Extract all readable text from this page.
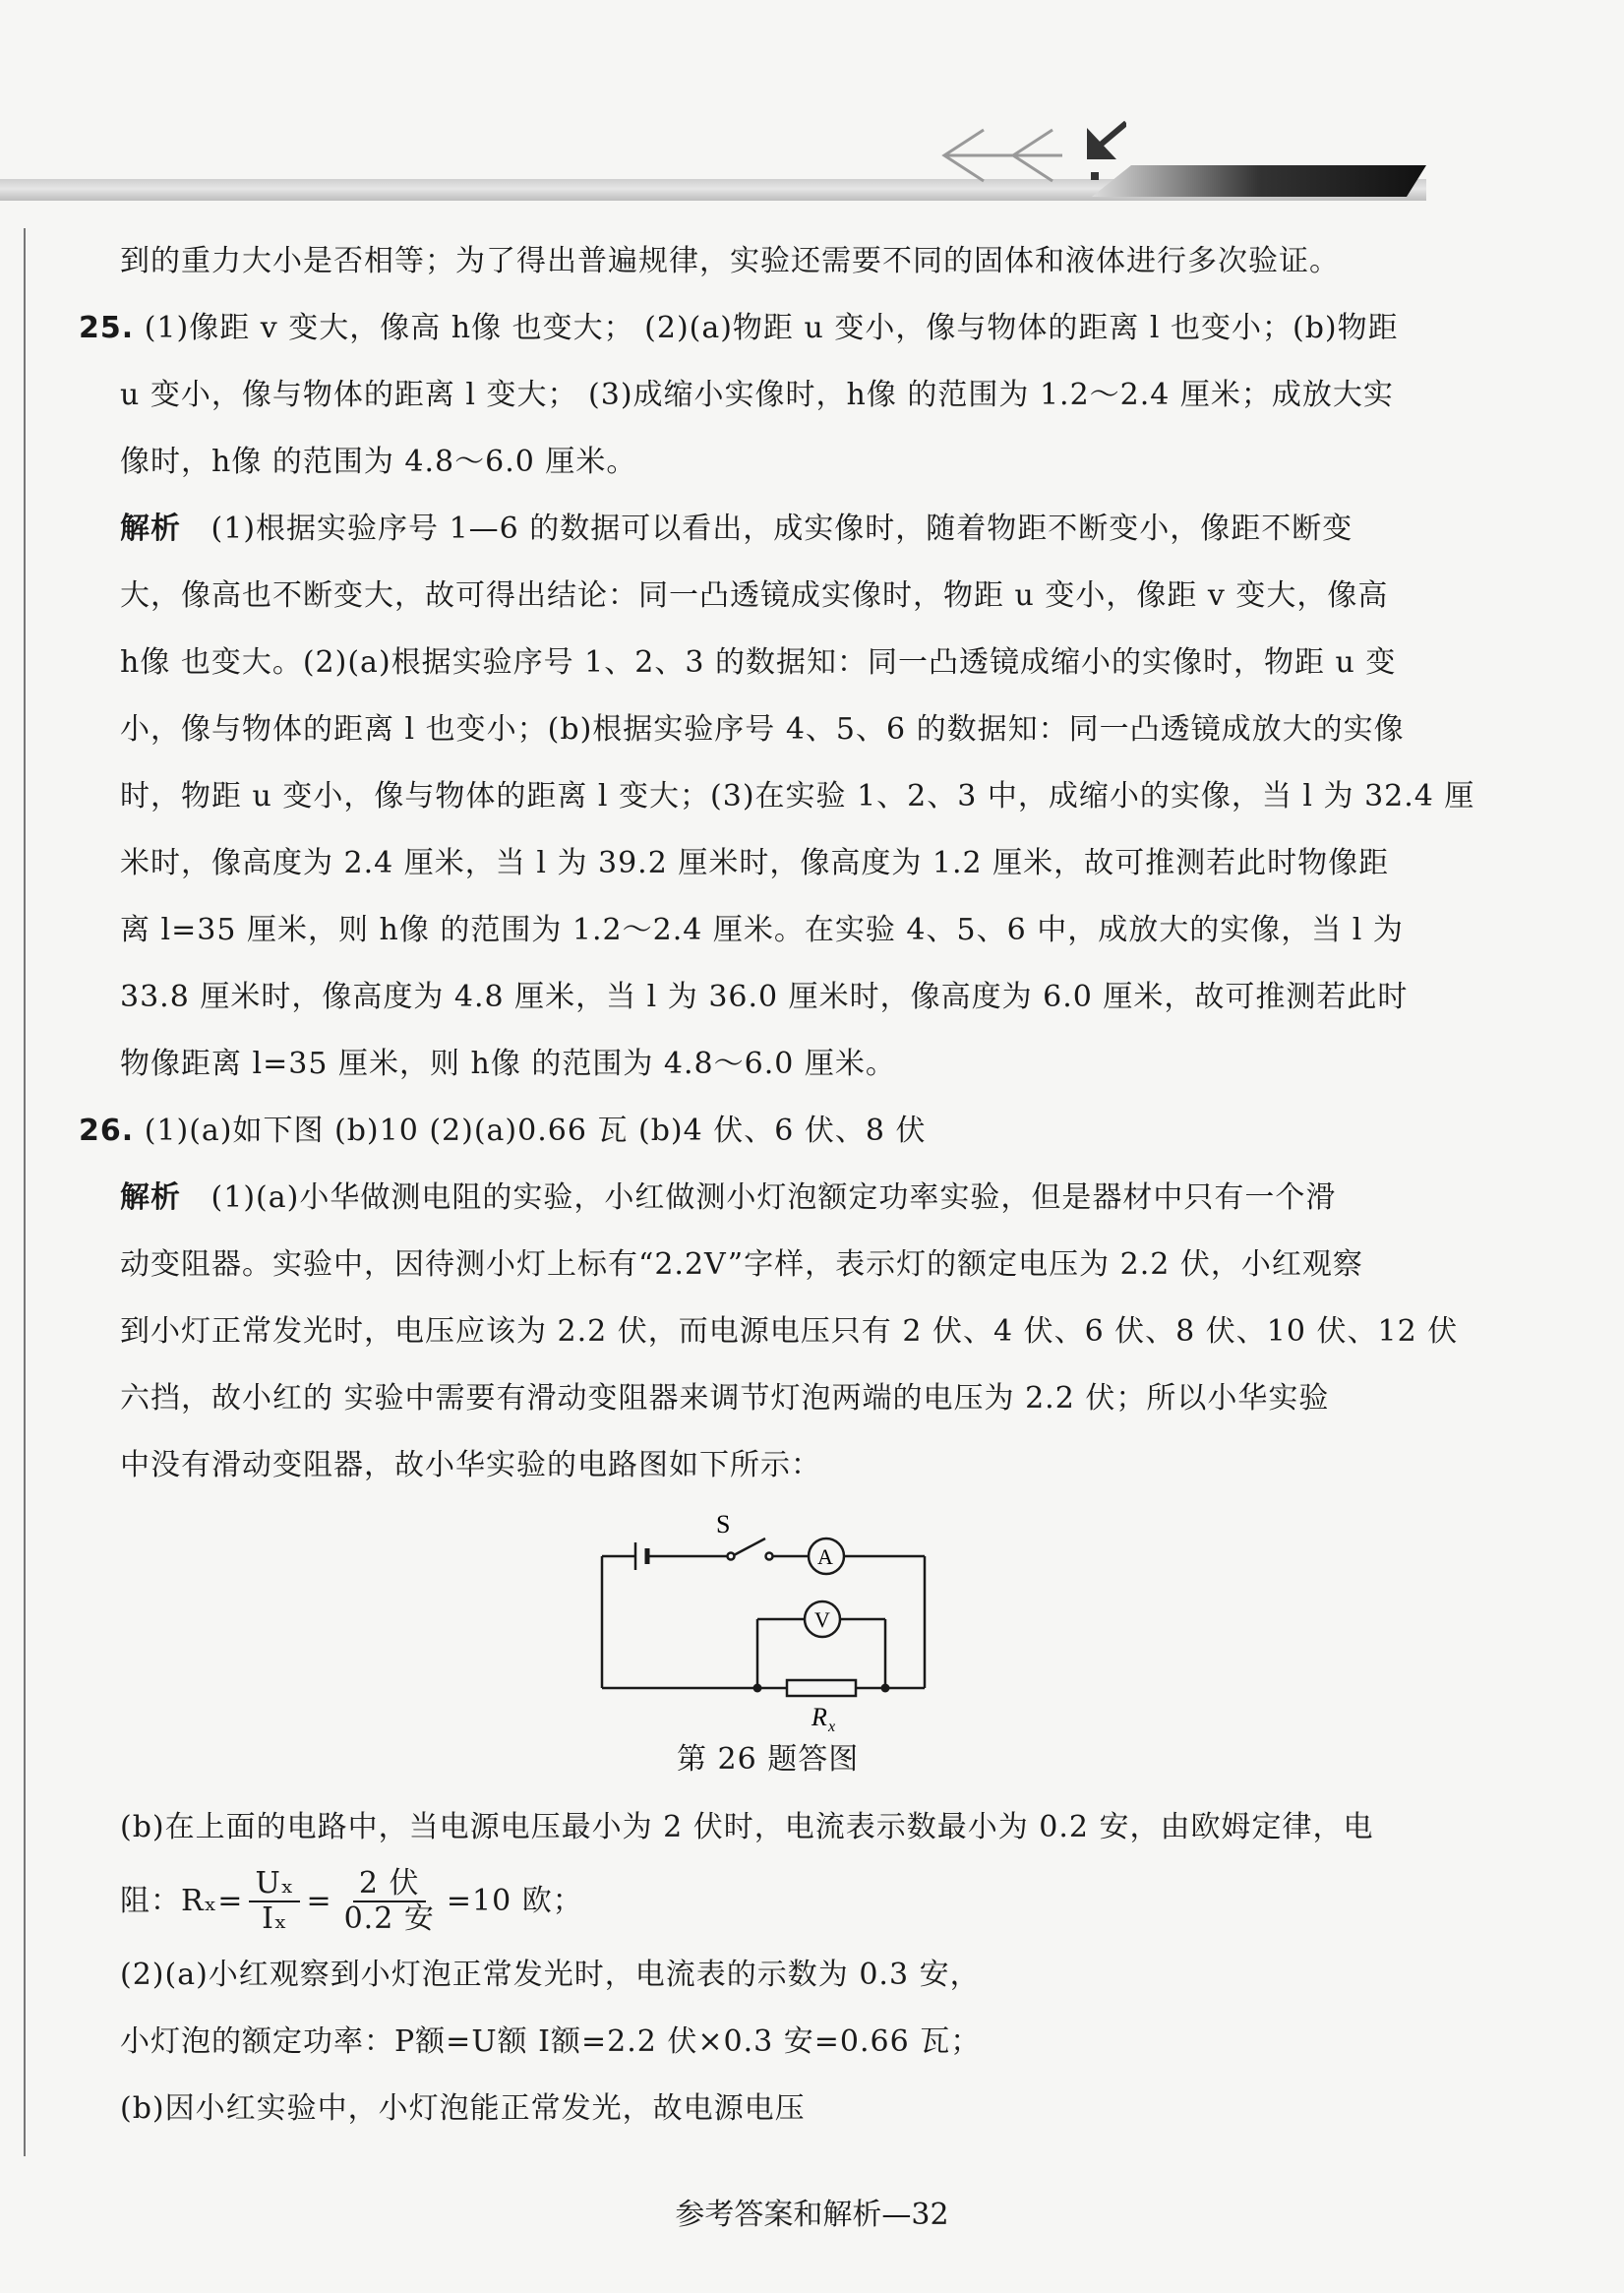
到的重力大小是否相等；为了得出普遍规律，实验还需要不同的固体和液体进行多次验证。
25. (1)像距 v 变大，像高 h像 也变大； (2)(a)物距 u 变小，像与物体的距离 l 也变小；(b)物距
u 变小，像与物体的距离 l 变大； (3)成缩小实像时，h像 的范围为 1.2～2.4 厘米；成放大实
像时，h像 的范围为 4.8～6.0 厘米。
解析 (1)根据实验序号 1—6 的数据可以看出，成实像时，随着物距不断变小，像距不断变
大，像高也不断变大，故可得出结论：同一凸透镜成实像时，物距 u 变小，像距 v 变大，像高
h像 也变大。(2)(a)根据实验序号 1、2、3 的数据知：同一凸透镜成缩小的实像时，物距 u 变
小，像与物体的距离 l 也变小；(b)根据实验序号 4、5、6 的数据知：同一凸透镜成放大的实像
时，物距 u 变小，像与物体的距离 l 变大；(3)在实验 1、2、3 中，成缩小的实像，当 l 为 32.4 厘
米时，像高度为 2.4 厘米，当 l 为 39.2 厘米时，像高度为 1.2 厘米，故可推测若此时物像距
离 l=35 厘米，则 h像 的范围为 1.2～2.4 厘米。在实验 4、5、6 中，成放大的实像，当 l 为
33.8 厘米时，像高度为 4.8 厘米，当 l 为 36.0 厘米时，像高度为 6.0 厘米，故可推测若此时
物像距离 l=35 厘米，则 h像 的范围为 4.8～6.0 厘米。
26. (1)(a)如下图 (b)10 (2)(a)0.66 瓦 (b)4 伏、6 伏、8 伏
解析 (1)(a)小华做测电阻的实验，小红做测小灯泡额定功率实验，但是器材中只有一个滑
动变阻器。实验中，因待测小灯上标有“2.2V”字样，表示灯的额定电压为 2.2 伏，小红观察
到小灯正常发光时，电压应该为 2.2 伏，而电源电压只有 2 伏、4 伏、6 伏、8 伏、10 伏、12 伏
六挡，故小红的 实验中需要有滑动变阻器来调节灯泡两端的电压为 2.2 伏；所以小华实验
中没有滑动变阻器，故小华实验的电路图如下所示：
S
A
V
R x
第 26 题答图
(b)在上面的电路中，当电源电压最小为 2 伏时，电流表示数最小为 0.2 安，由欧姆定律，电
阻：$R_x= \frac{\text{Uₓ}}{\text{Iₓ}} = \frac{\text{2 伏}}{\text{0.2 安}} =10$ 欧；
(2)(a)小红观察到小灯泡正常发光时，电流表的示数为 0.3 安，
小灯泡的额定功率：P额=U额 I额=2.2 伏×0.3 安=0.66 瓦；
(b)因小红实验中，小灯泡能正常发光，故电源电压
参考答案和解析—32
